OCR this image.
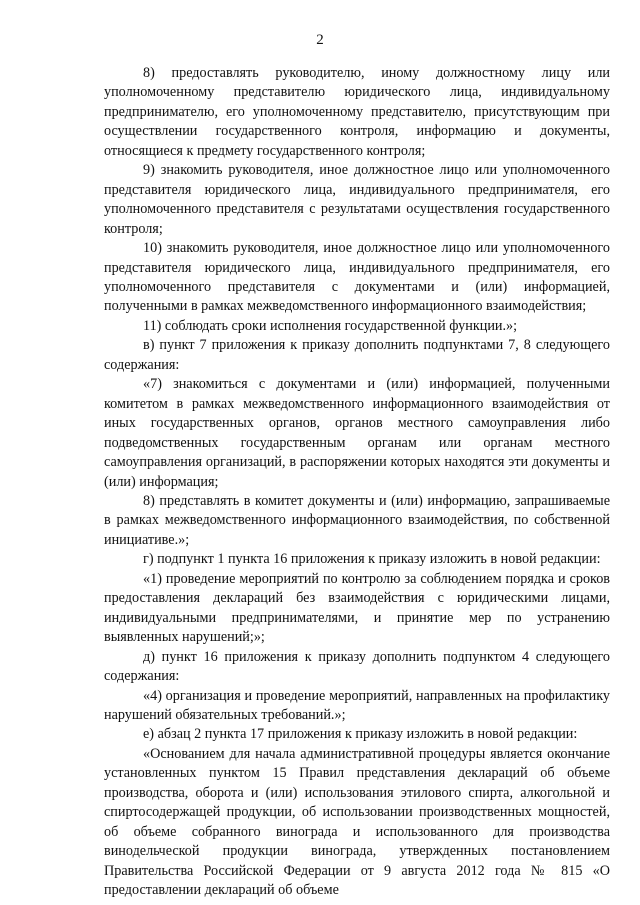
2

8) предоставлять руководителю, иному должностному лицу или уполномоченному представителю юридического лица, индивидуальному предпринимателю, его уполномоченному представителю, присутствующим при осуществлении государственного контроля, информацию и документы, относящиеся к предмету государственного контроля;

9) знакомить руководителя, иное должностное лицо или уполномоченного представителя юридического лица, индивидуального предпринимателя, его уполномоченного представителя с результатами осуществления государственного контроля;

10) знакомить руководителя, иное должностное лицо или уполномоченного представителя юридического лица, индивидуального предпринимателя, его уполномоченного представителя с документами и (или) информацией, полученными в рамках межведомственного информационного взаимодействия;

11) соблюдать сроки исполнения государственной функции.»;

в) пункт 7 приложения к приказу дополнить подпунктами 7, 8 следующего содержания:

«7) знакомиться с документами и (или) информацией, полученными комитетом в рамках межведомственного информационного взаимодействия от иных государственных органов, органов местного самоуправления либо подведомственных государственным органам или органам местного самоуправления организаций, в распоряжении которых находятся эти документы и (или) информация;

8) представлять в комитет документы и (или) информацию, запрашиваемые в рамках межведомственного информационного взаимодействия, по собственной инициативе.»;

г) подпункт 1 пункта 16 приложения к приказу изложить в новой редакции:

«1) проведение мероприятий по контролю за соблюдением порядка и сроков предоставления деклараций без взаимодействия с юридическими лицами, индивидуальными предпринимателями, и принятие мер по устранению выявленных нарушений;»;

д) пункт 16 приложения к приказу дополнить подпунктом 4 следующего содержания:

«4) организация и проведение мероприятий, направленных на профилактику нарушений обязательных требований.»;

е) абзац 2 пункта 17 приложения к приказу изложить в новой редакции:

«Основанием для начала административной процедуры является окончание установленных пунктом 15 Правил представления деклараций об объеме производства, оборота и (или) использования этилового спирта, алкогольной и спиртосодержащей продукции, об использовании производственных мощностей, об объеме собранного винограда и использованного для производства винодельческой продукции винограда, утвержденных постановлением Правительства Российской Федерации от 9 августа 2012 года № 815 «О предоставлении деклараций об объеме
